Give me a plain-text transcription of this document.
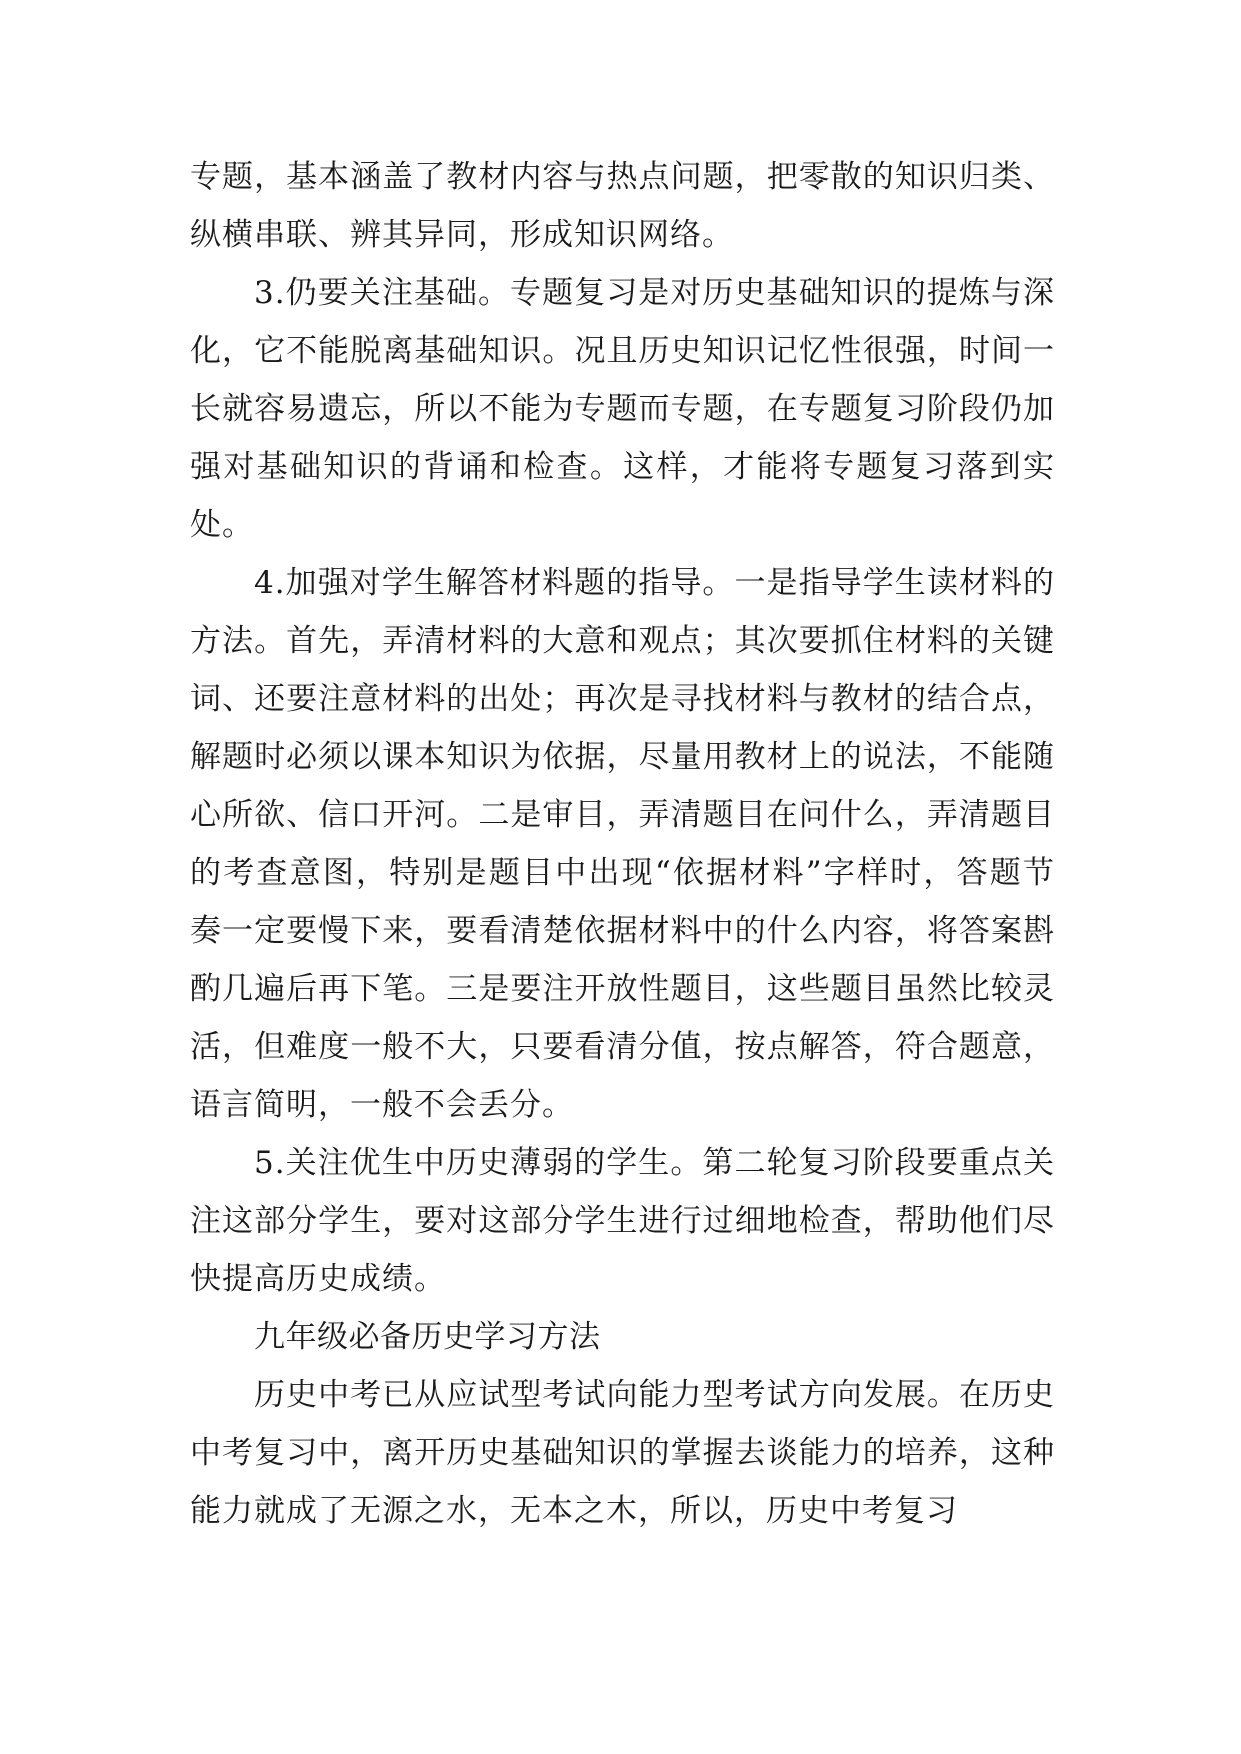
专题，基本涵盖了教材内容与热点问题，把零散的知识归类、纵横串联、辨其异同，形成知识网络。

3.仍要关注基础。专题复习是对历史基础知识的提炼与深化，它不能脱离基础知识。况且历史知识记忆性很强，时间一长就容易遗忘，所以不能为专题而专题，在专题复习阶段仍加强对基础知识的背诵和检查。这样，才能将专题复习落到实处。

4.加强对学生解答材料题的指导。一是指导学生读材料的方法。首先，弄清材料的大意和观点；其次要抓住材料的关键词、还要注意材料的出处；再次是寻找材料与教材的结合点，解题时必须以课本知识为依据，尽量用教材上的说法，不能随心所欲、信口开河。二是审目，弄清题目在问什么，弄清题目的考查意图，特别是题目中出现“依据材料”字样时，答题节奏一定要慢下来，要看清楚依据材料中的什么内容，将答案斟酌几遍后再下笔。三是要注开放性题目，这些题目虽然比较灵活，但难度一般不大，只要看清分值，按点解答，符合题意，语言简明，一般不会丢分。

5.关注优生中历史薄弱的学生。第二轮复习阶段要重点关注这部分学生，要对这部分学生进行过细地检查，帮助他们尽快提高历史成绩。

九年级必备历史学习方法

历史中考已从应试型考试向能力型考试方向发展。在历史中考复习中，离开历史基础知识的掌握去谈能力的培养，这种能力就成了无源之水，无本之木，所以，历史中考复习
